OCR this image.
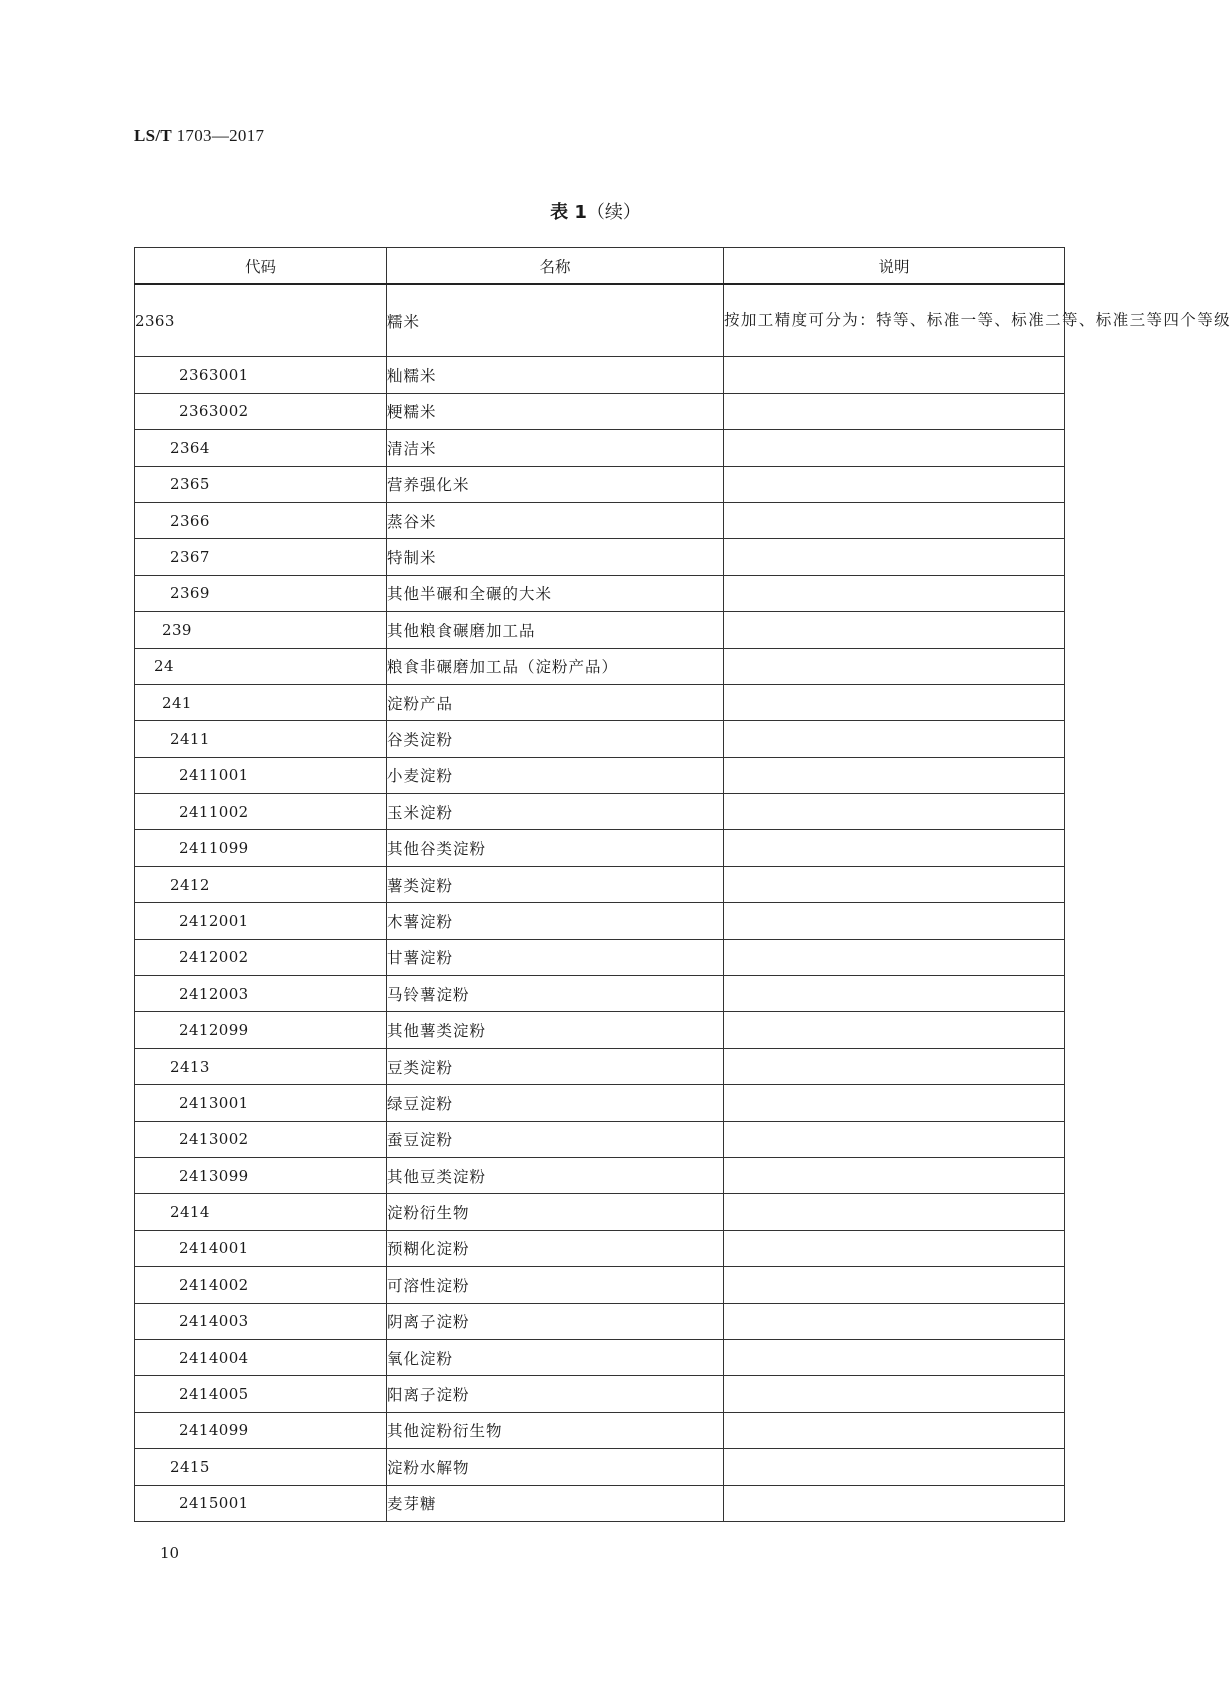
LS/T 1703—2017
表 1（续）
代码	名称	说明
2363	糯米	按加工精度可分为：特等、标准一等、标准二等、标准三等四个等级
2363001	籼糯米	
2363002	粳糯米	
2364	清洁米	
2365	营养强化米	
2366	蒸谷米	
2367	特制米	
2369	其他半碾和全碾的大米	
239	其他粮食碾磨加工品	
24	粮食非碾磨加工品（淀粉产品）	
241	淀粉产品	
2411	谷类淀粉	
2411001	小麦淀粉	
2411002	玉米淀粉	
2411099	其他谷类淀粉	
2412	薯类淀粉	
2412001	木薯淀粉	
2412002	甘薯淀粉	
2412003	马铃薯淀粉	
2412099	其他薯类淀粉	
2413	豆类淀粉	
2413001	绿豆淀粉	
2413002	蚕豆淀粉	
2413099	其他豆类淀粉	
2414	淀粉衍生物	
2414001	预糊化淀粉	
2414002	可溶性淀粉	
2414003	阴离子淀粉	
2414004	氧化淀粉	
2414005	阳离子淀粉	
2414099	其他淀粉衍生物	
2415	淀粉水解物	
2415001	麦芽糖	
10
